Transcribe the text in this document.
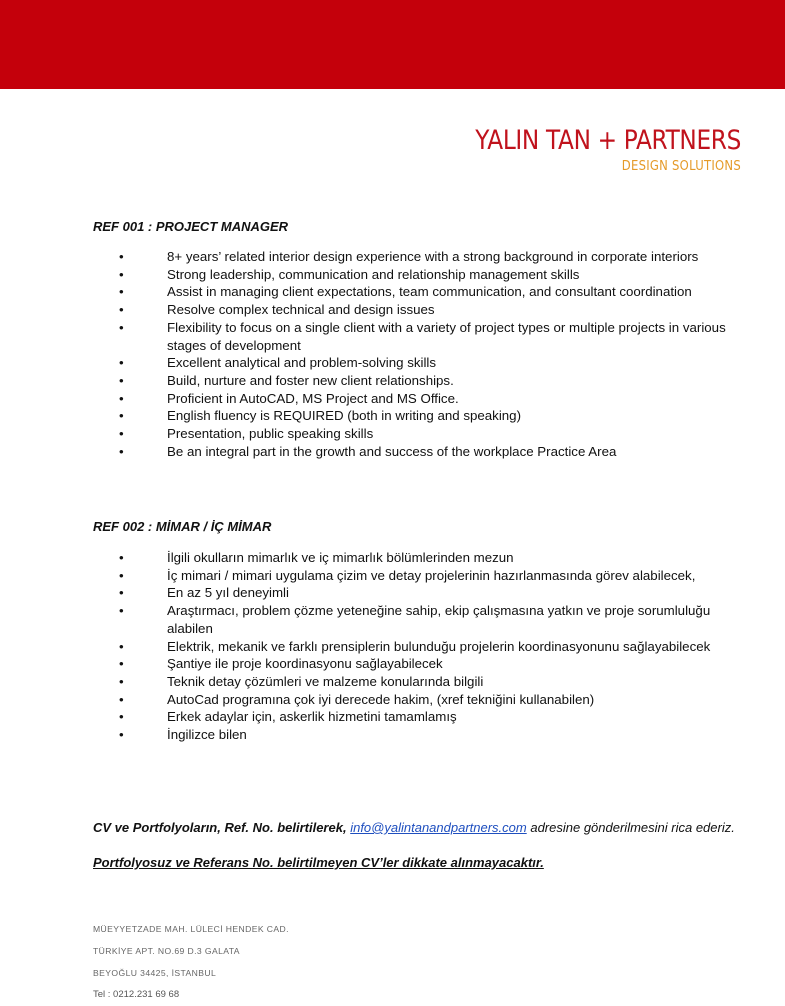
YALIN TAN + PARTNERS
DESIGN SOLUTIONS
REF 001 : PROJECT MANAGER
•	8+ years’ related interior design experience with a strong background in corporate interiors
•	Strong leadership, communication and relationship management skills
•	Assist in managing client expectations, team communication, and consultant coordination
•	Resolve complex technical and design issues
•	Flexibility to focus on a single client with a variety of project types or multiple projects in various stages of development
•	Excellent analytical and problem-solving skills
•	Build, nurture and foster new client relationships.
•	Proficient in AutoCAD, MS Project and MS Office.
•	English fluency is REQUIRED (both in writing and speaking)
•	Presentation, public speaking skills
•	Be an integral part in the growth and success of the workplace Practice Area
REF 002 : MİMAR / İÇ MİMAR
•	İlgili okulların mimarlık ve iç mimarlık bölümlerinden mezun
•	İç mimari / mimari uygulama çizim ve detay projelerinin hazırlanmasında görev alabilecek,
•	En az 5 yıl deneyimli
•	Araştırmacı, problem çözme yeteneğine sahip, ekip çalışmasına yatkın ve proje sorumluluğu alabilen
•	Elektrik, mekanik ve farklı prensiplerin bulunduğu projelerin koordinasyonunu sağlayabilecek
•	Şantiye ile proje koordinasyonu sağlayabilecek
•	Teknik detay çözümleri ve malzeme konularında bilgili
•	AutoCad programına çok iyi derecede hakim, (xref tekniğini kullanabilen)
•	Erkek adaylar için, askerlik hizmetini tamamlamış
•	İngilizce bilen
CV ve Portfolyoların, Ref. No. belirtilerek, info@yalintanandpartners.com adresine gönderilmesini rica ederiz.
Portfolyosuz ve Referans No. belirtilmeyen CV’ler dikkate alınmayacaktır.
MÜEYYETZADE MAH. LÜLECİ HENDEK CAD.
TÜRKİYE APT. NO.69 D.3 GALATA
BEYOĞLU 34425, İSTANBUL
Tel : 0212.231 69 68
